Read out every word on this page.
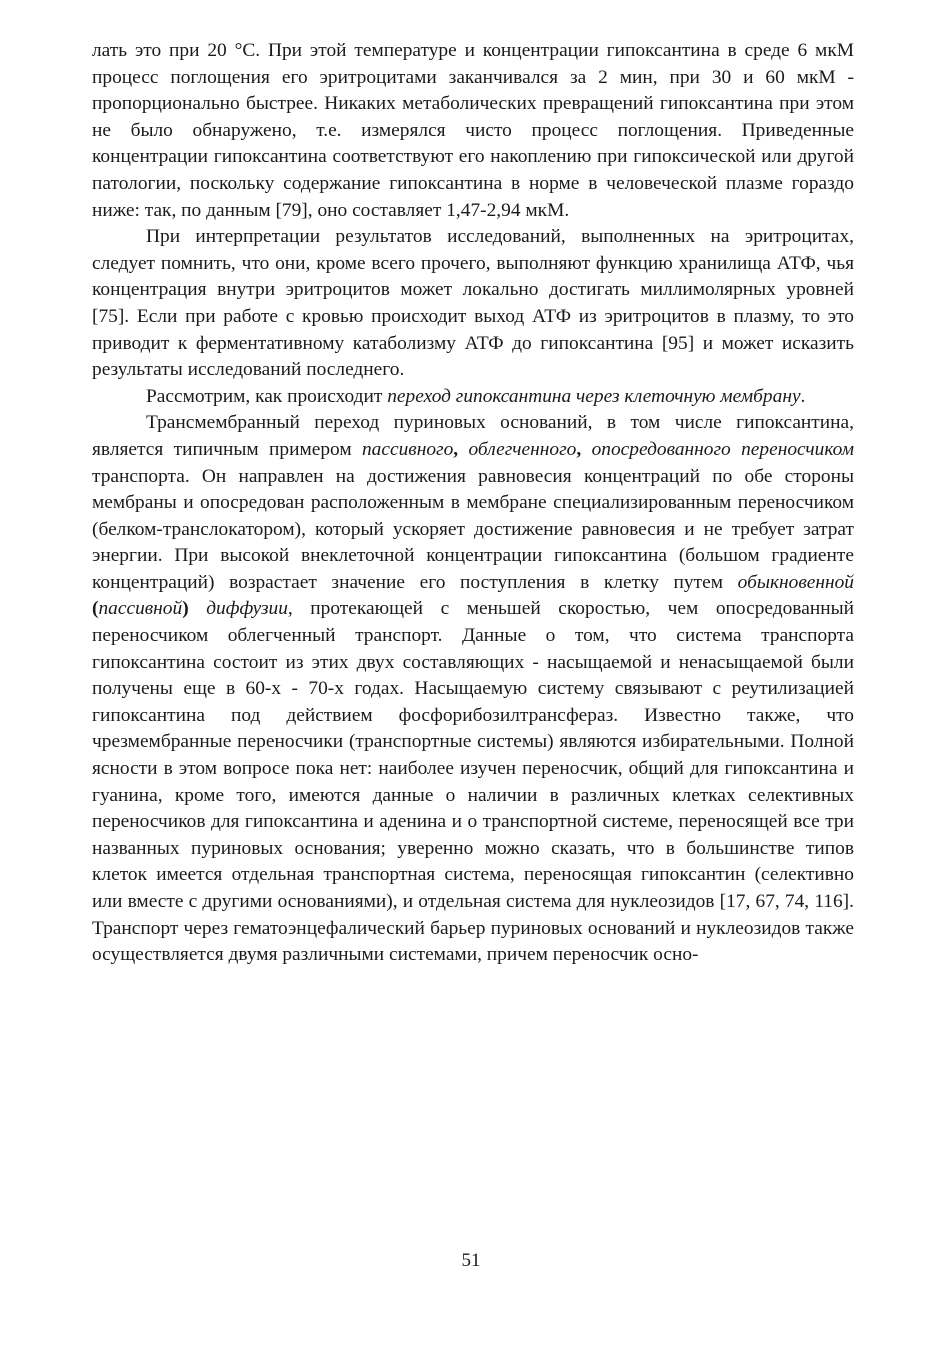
лать это при 20 °С. При этой температуре и концентрации гипоксантина в среде 6 мкМ процесс поглощения его эритроцитами заканчивался за 2 мин, при 30 и 60 мкМ - пропорционально быстрее. Никаких метаболических превращений гипоксантина при этом не было обнаружено, т.е. измерялся чисто процесс поглощения. Приведенные концентрации гипоксантина соответствуют его накоплению при гипоксической или другой патологии, поскольку содержание гипоксантина в норме в человеческой плазме гораздо ниже: так, по данным [79], оно составляет 1,47-2,94 мкМ.

При интерпретации результатов исследований, выполненных на эритроцитах, следует помнить, что они, кроме всего прочего, выполняют функцию хранилища АТФ, чья концентрация внутри эритроцитов может локально достигать миллимолярных уровней [75]. Если при работе с кровью происходит выход АТФ из эритроцитов в плазму, то это приводит к ферментативному катаболизму АТФ до гипоксантина [95] и может исказить результаты исследований последнего.

Рассмотрим, как происходит переход гипоксантина через клеточную мембрану.

Трансмембранный переход пуриновых оснований, в том числе гипоксантина, является типичным примером пассивного, облегченного, опосредованного переносчиком транспорта. Он направлен на достижения равновесия концентраций по обе стороны мембраны и опосредован расположенным в мембране специализированным переносчиком (белком-транслокатором), который ускоряет достижение равновесия и не требует затрат энергии. При высокой внеклеточной концентрации гипоксантина (большом градиенте концентраций) возрастает значение его поступления в клетку путем обыкновенной (пассивной) диффузии, протекающей с меньшей скоростью, чем опосредованный переносчиком облегченный транспорт. Данные о том, что система транспорта гипоксантина состоит из этих двух составляющих - насыщаемой и ненасыщаемой были получены еще в 60-х - 70-х годах. Насыщаемую систему связывают с реутилизацией гипоксантина под действием фосфорибозилтрансфераз. Известно также, что чрезмембранные переносчики (транспортные системы) являются избирательными. Полной ясности в этом вопросе пока нет: наиболее изучен переносчик, общий для гипоксантина и гуанина, кроме того, имеются данные о наличии в различных клетках селективных переносчиков для гипоксантина и аденина и о транспортной системе, переносящей все три названных пуриновых основания; уверенно можно сказать, что в большинстве типов клеток имеется отдельная транспортная система, переносящая гипоксантин (селективно или вместе с другими основаниями), и отдельная система для нуклеозидов [17, 67, 74, 116]. Транспорт через гематоэнцефалический барьер пуриновых оснований и нуклеозидов также осуществляется двумя различными системами, причем переносчик осно-

51
